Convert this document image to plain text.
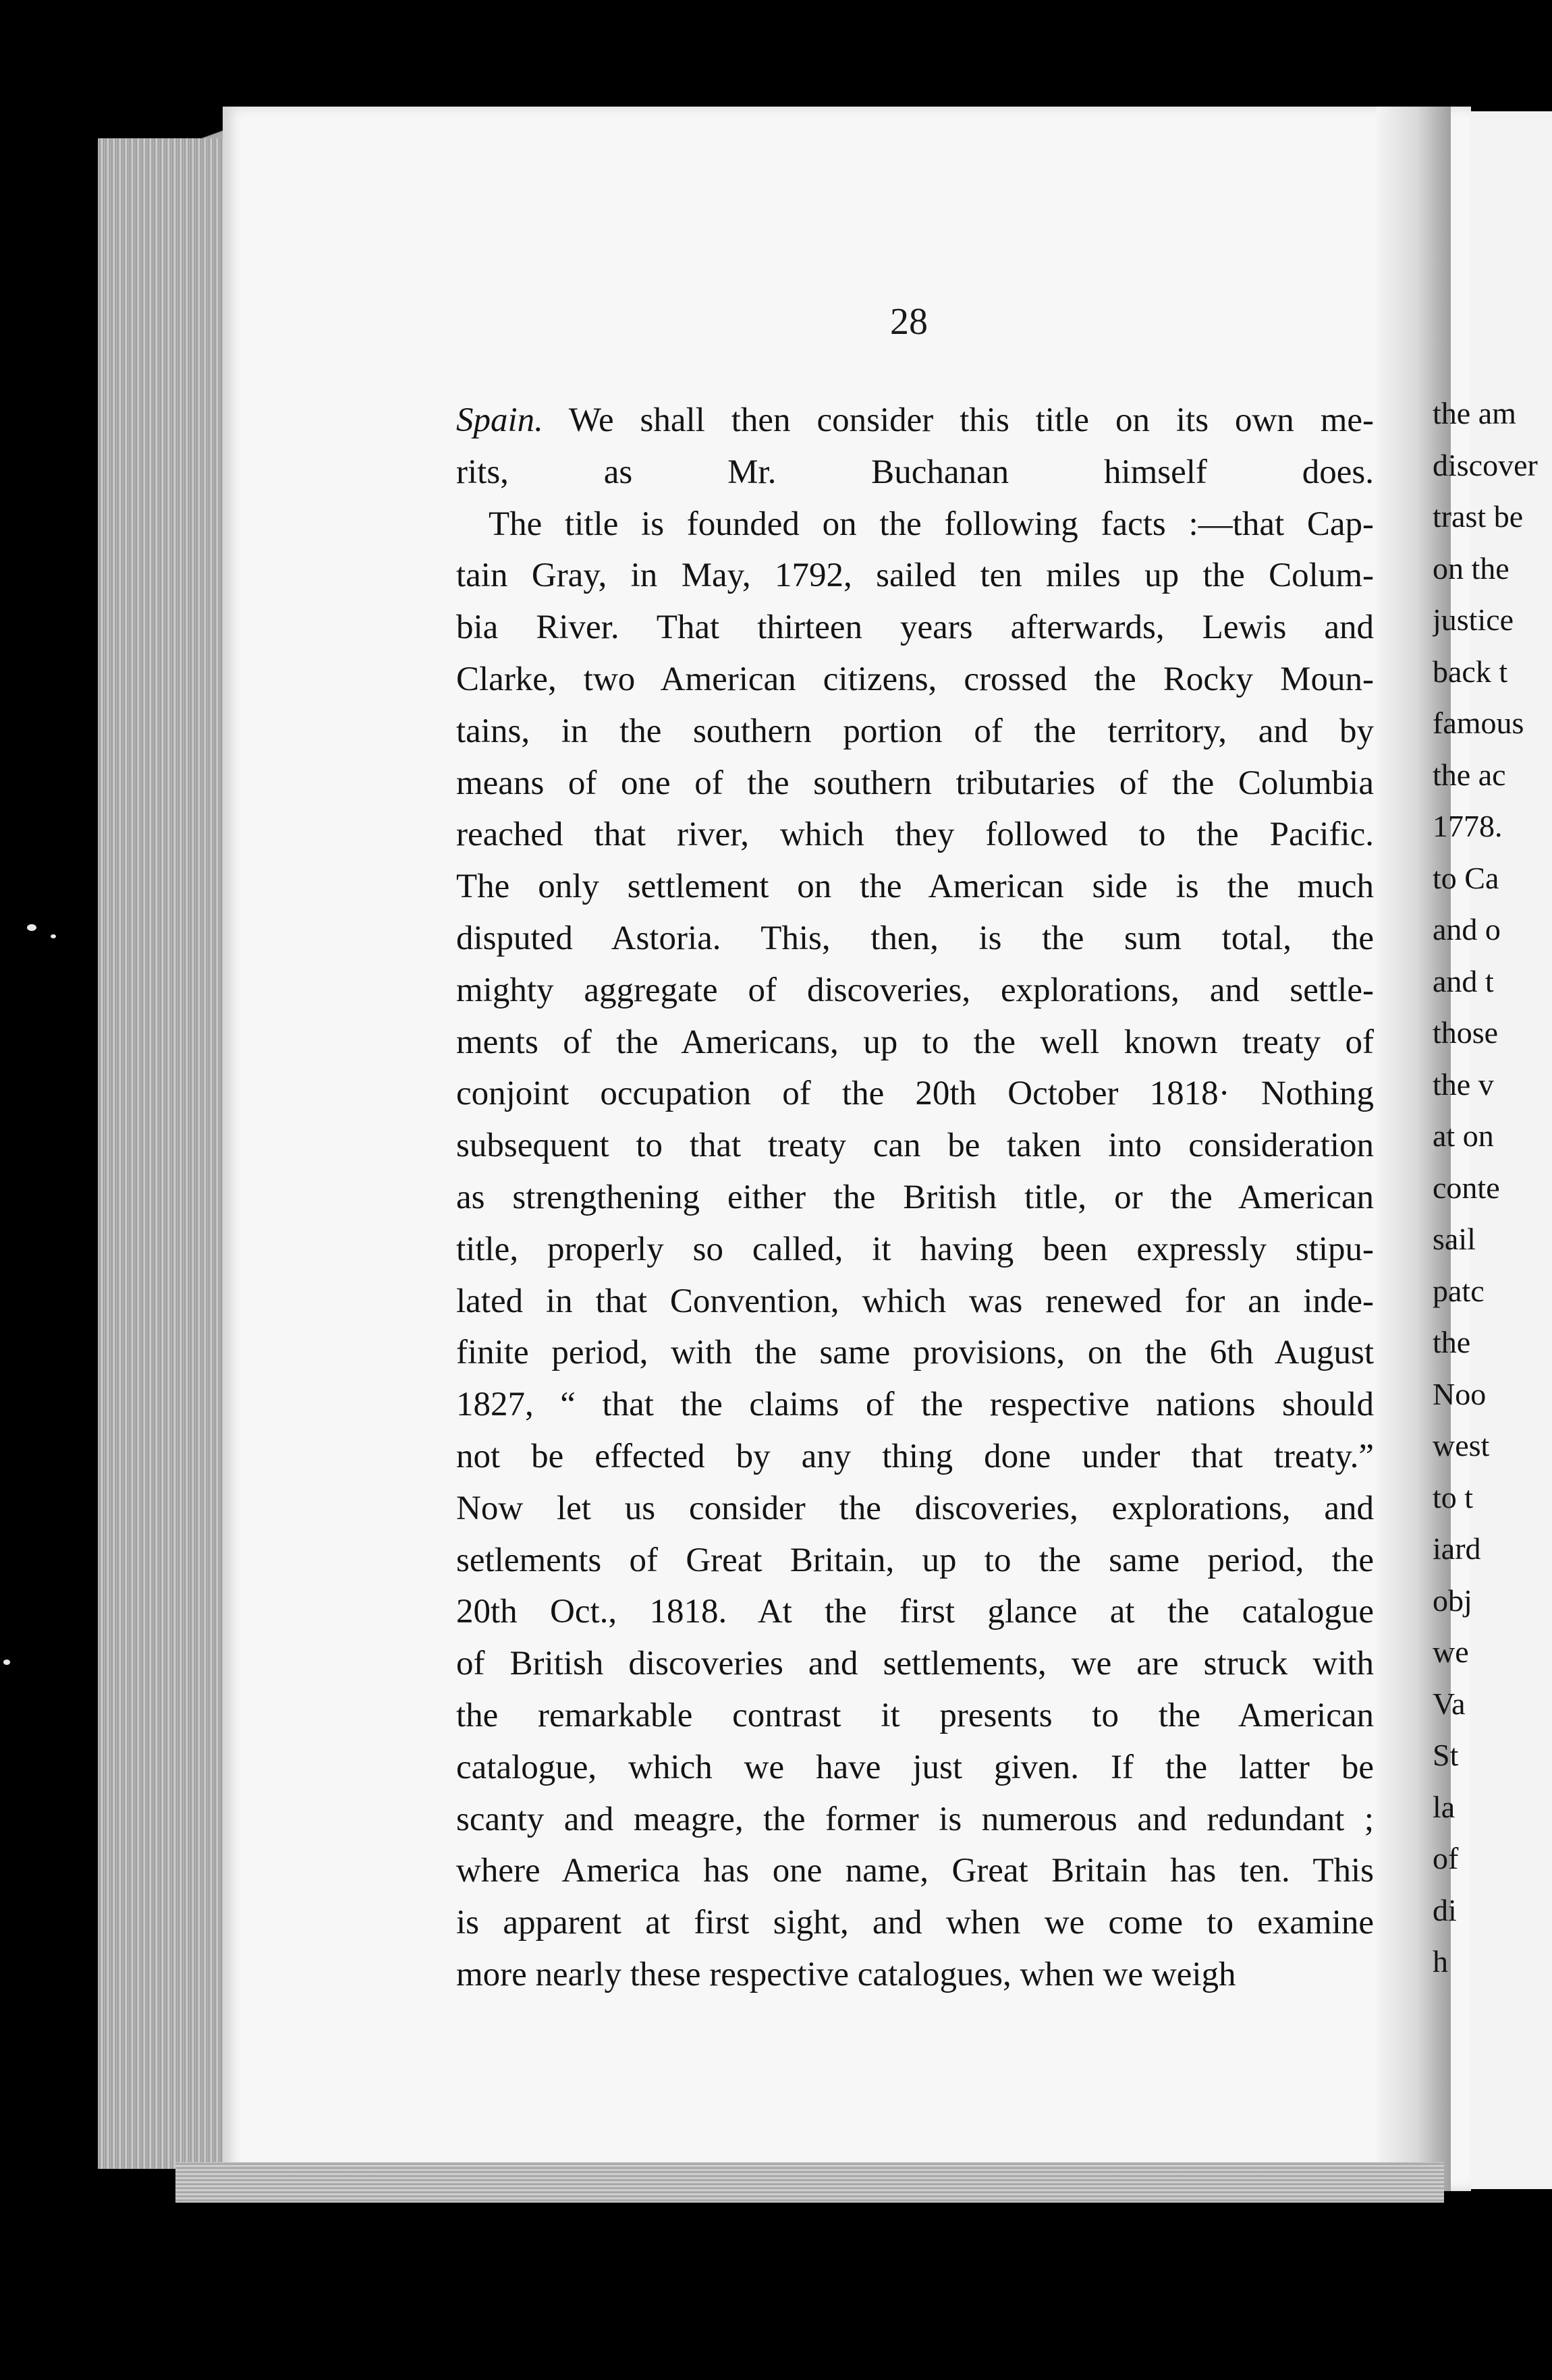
28

Spain. We shall then consider this title on its own me-
rits, as Mr. Buchanan himself does.
The title is founded on the following facts :—that Cap-
tain Gray, in May, 1792, sailed ten miles up the Colum-
bia River. That thirteen years afterwards, Lewis and
Clarke, two American citizens, crossed the Rocky Moun-
tains, in the southern portion of the territory, and by
means of one of the southern tributaries of the Columbia
reached that river, which they followed to the Pacific.
The only settlement on the American side is the much
disputed Astoria. This, then, is the sum total, the
mighty aggregate of discoveries, explorations, and settle-
ments of the Americans, up to the well known treaty of
conjoint occupation of the 20th October 1818· Nothing
subsequent to that treaty can be taken into consideration
as strengthening either the British title, or the American
title, properly so called, it having been expressly stipu-
lated in that Convention, which was renewed for an inde-
finite period, with the same provisions, on the 6th August
1827, “ that the claims of the respective nations should
not be effected by any thing done under that treaty.”
Now let us consider the discoveries, explorations, and
setlements of Great Britain, up to the same period, the
20th Oct., 1818. At the first glance at the catalogue
of British discoveries and settlements, we are struck with
the remarkable contrast it presents to the American
catalogue, which we have just given. If the latter be
scanty and meagre, the former is numerous and redundant ;
where America has one name, Great Britain has ten. This
is apparent at first sight, and when we come to examine
more nearly these respective catalogues, when we weigh
the am
discover
trast be
on the
justice
back t
famous
the ac
1778.
to Ca
and o
and t
those
the v
at on
conte
sail
patc
the
Noo
west
to t
iard
obj
we
Va
St
la
of
di
h
